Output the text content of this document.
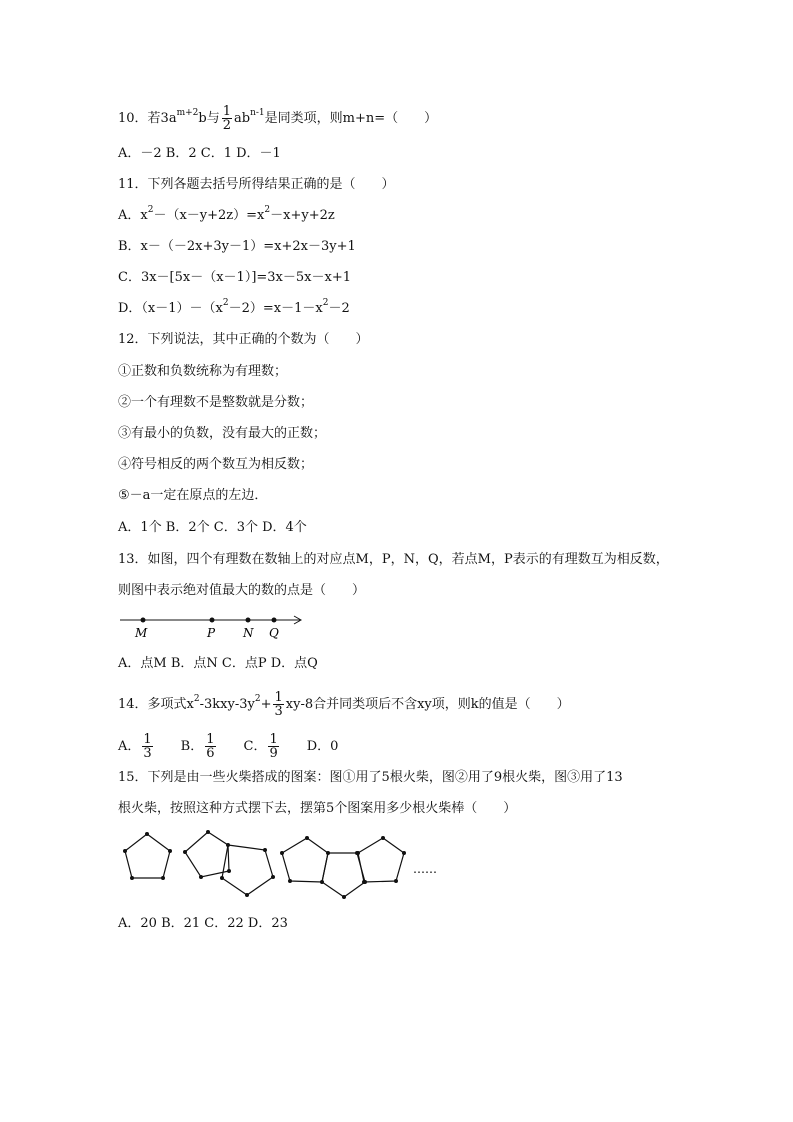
10．若$3a^{m+2}b$与 $\frac{1}{2} ab^{n-1}$是同类项，则m+n=（　　）
A．－2 B．2 C．1 D．－1
11．下列各题去括号所得结果正确的是（　　）
A．$x^2-(x-y+2z)=x^2-x+y+2z$
B．x－（－2x+3y－1）=x+2x－3y+1
C．3x－[5x－（x－1）]=3x－5x－x+1
D．$(x-1)-(x^2-2)=x-1-x^2-2$
12．下列说法，其中正确的个数为（　　）
①正数和负数统称为有理数；
②一个有理数不是整数就是分数；
③有最小的负数，没有最大的正数；
④符号相反的两个数互为相反数；
⑤－a一定在原点的左边．
A．1个 B．2个 C．3个 D．4个
13．如图，四个有理数在数轴上的对应点M，P，N，Q，若点M，P表示的有理数互为相反数，
则图中表示绝对值最大的数的点是（　　）
M	P N Q
A．点M B．点N C．点P D．点Q
14．多项式$x^2-3kxy-3y^2+ \frac{1}{3} xy-8$合并同类项后不含xy项，则k的值是（　　）
A． $\frac{1}{3}$ B． $\frac{1}{6}$ C． $\frac{1}{9}$ D．0
15．下列是由一些火柴搭成的图案：图①用了5根火柴，图②用了9根火柴，图③用了13
根火柴，按照这种方式摆下去，摆第5个图案用多少根火柴棒（　　）
……
A．20 B．21 C．22 D．23
